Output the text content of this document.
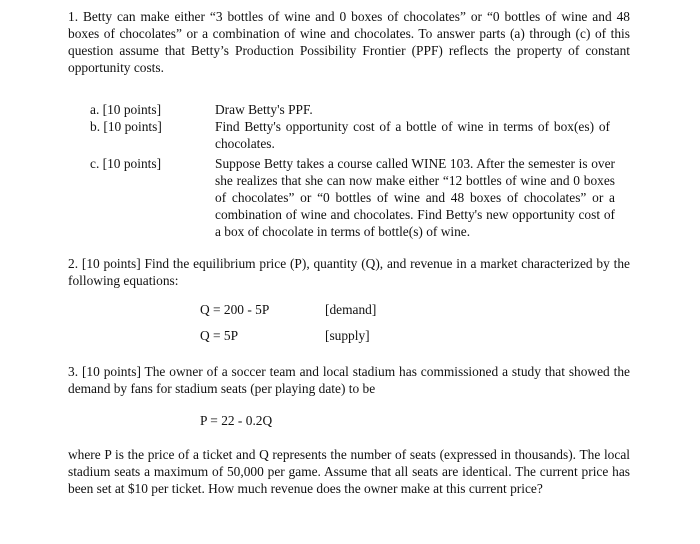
1. Betty can make either “3 bottles of wine and 0 boxes of chocolates” or “0 bottles of wine and 48 boxes of chocolates” or a combination of wine and chocolates. To answer parts (a) through (c) of this question assume that Betty’s Production Possibility Frontier (PPF) reflects the property of constant opportunity costs.
a. [10 points]	Draw Betty's PPF.
b. [10 points]	Find Betty's opportunity cost of a bottle of wine in terms of box(es) of chocolates.
c. [10 points]	Suppose Betty takes a course called WINE 103. After the semester is over she realizes that she can now make either “12 bottles of wine and 0 boxes of chocolates” or “0 bottles of wine and 48 boxes of chocolates” or a combination of wine and chocolates. Find Betty's new opportunity cost of a box of chocolate in terms of bottle(s) of wine.
2. [10 points] Find the equilibrium price (P), quantity (Q), and revenue in a market characterized by the following equations:
Q = 200 - 5P	[demand]
Q = 5P	[supply]
3. [10 points] The owner of a soccer team and local stadium has commissioned a study that showed the demand by fans for stadium seats (per playing date) to be
P = 22 - 0.2Q
where P is the price of a ticket and Q represents the number of seats (expressed in thousands). The local stadium seats a maximum of 50,000 per game. Assume that all seats are identical. The current price has been set at $10 per ticket. How much revenue does the owner make at this current price?
